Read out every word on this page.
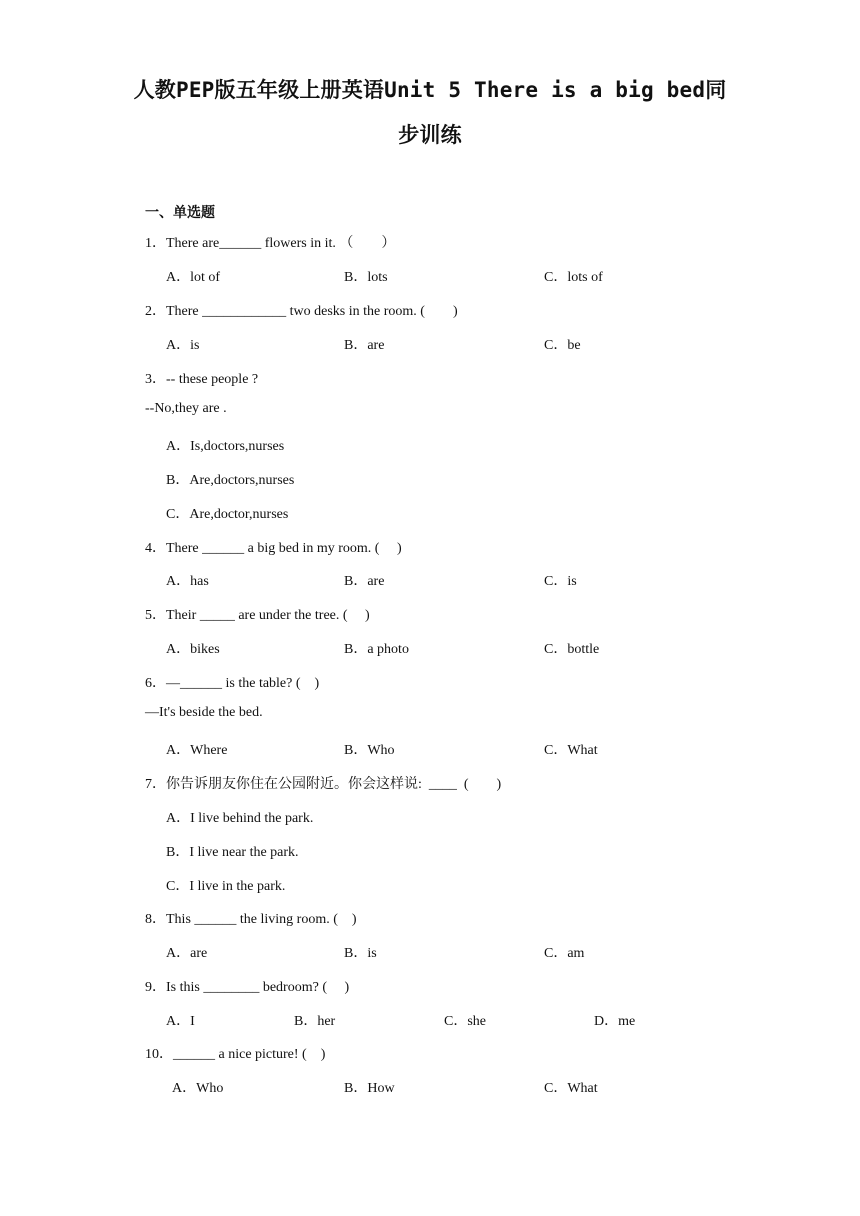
人教PEP版五年级上册英语Unit 5 There is a big bed同
步训练
一、单选题
1．There are______ flowers in it. （　　）
A．lot of	B．lots	C．lots of
2．There ____________ two desks in the room. (　　)
A．is	B．are	C．be
3．-- these people ?
--No,they are .
A．Is,doctors,nurses
B．Are,doctors,nurses
C．Are,doctor,nurses
4．There ______ a big bed in my room. (     )
A．has	B．are	C．is
5．Their _____ are under the tree. (     )
A．bikes	B．a photo	C．bottle
6．—______ is the table? (    )
—It's beside the bed.
A．Where	B．Who	C．What
7．你告诉朋友你住在公园附近。你会这样说:  ____  (　　)
A．I live behind the park.
B．I live near the park.
C．I live in the park.
8．This ______ the living room. (    )
A．are	B．is	C．am
9．Is this ________ bedroom? (     )
A．I	B．her	C．she	D．me
10．______ a nice picture! (    )
A．Who	B．How	C．What
